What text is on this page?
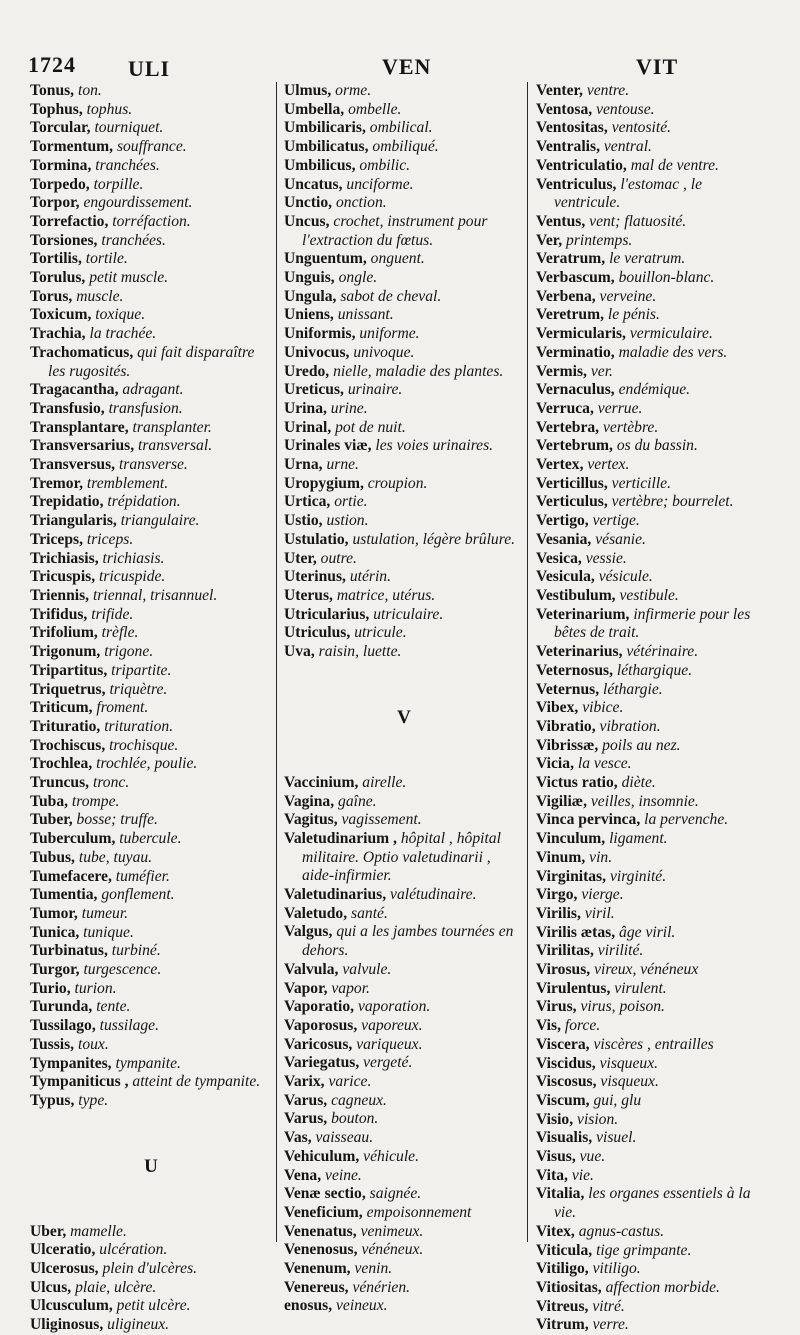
1724 ULI	VEN	VIT
Tonus, ton.
Tophus, tophus.
Torcular, tourniquet.
Tormentum, souffrance.
Tormina, tranchées.
Torpedo, torpille.
Torpor, engourdissement.
Torrefactio, torréfaction.
Torsiones, tranchées.
Tortilis, tortile.
Torulus, petit muscle.
Torus, muscle.
Toxicum, toxique.
Trachia, la trachée.
Trachomaticus, qui fait disparaître les rugosités.
Tragacantha, adragant.
Transfusio, transfusion.
Transplantare, transplanter.
Transversarius, transversal.
Transversus, transverse.
Tremor, tremblement.
Trepidatio, trépidation.
Triangularis, triangulaire.
Triceps, triceps.
Trichiasis, trichiasis.
Tricuspis, tricuspide.
Triennis, triennal, trisannuel.
Trifidus, trifide.
Trifolium, trèfle.
Trigonum, trigone.
Tripartitus, tripartite.
Triquetrus, triquètre.
Triticum, froment.
Trituratio, trituration.
Trochiscus, trochisque.
Trochlea, trochlée, poulie.
Truncus, tronc.
Tuba, trompe.
Tuber, bosse; truffe.
Tuberculum, tubercule.
Tubus, tube, tuyau.
Tumefacere, tuméfier.
Tumentia, gonflement.
Tumor, tumeur.
Tunica, tunique.
Turbinatus, turbiné.
Turgor, turgescence.
Turio, turion.
Turunda, tente.
Tussilago, tussilage.
Tussis, toux.
Tympanites, tympanite.
Tympaniticus , atteint de tympanite.
Typus, type.
U
Uber, mamelle.
Ulceratio, ulcération.
Ulcerosus, plein d'ulcères.
Ulcus, plaie, ulcère.
Ulcusculum, petit ulcère.
Uliginosus, uligineux.
Ulmus, orme.
Umbella, ombelle.
Umbilicaris, ombilical.
Umbilicatus, ombiliqué.
Umbilicus, ombilic.
Uncatus, unciforme.
Unctio, onction.
Uncus, crochet, instrument pour l'extraction du fœtus.
Unguentum, onguent.
Unguis, ongle.
Ungula, sabot de cheval.
Uniens, unissant.
Uniformis, uniforme.
Univocus, univoque.
Uredo, nielle, maladie des plantes.
Ureticus, urinaire.
Urina, urine.
Urinal, pot de nuit.
Urinales viæ, les voies urinaires.
Urna, urne.
Uropygium, croupion.
Urtica, ortie.
Ustio, ustion.
Ustulatio, ustulation, légère brûlure.
Uter, outre.
Uterinus, utérin.
Uterus, matrice, utérus.
Utricularius, utriculaire.
Utriculus, utricule.
Uva, raisin, luette.
V
Vaccinium, airelle.
Vagina, gaîne.
Vagitus, vagissement.
Valetudinarium , hôpital , hôpital militaire. Optio valetudinarii , aide-infirmier.
Valetudinarius, valétudinaire.
Valetudo, santé.
Valgus, qui a les jambes tournées en dehors.
Valvula, valvule.
Vapor, vapor.
Vaporatio, vaporation.
Vaporosus, vaporeux.
Varicosus, variqueux.
Variegatus, vergeté.
Varix, varice.
Varus, cagneux.
Varus, bouton.
Vas, vaisseau.
Vehiculum, véhicule.
Vena, veine.
Venæ sectio, saignée.
Veneficium, empoisonnement
Venenatus, venimeux.
Venenosus, vénéneux.
Venenum, venin.
Venereus, vénérien.
enosus, veineux.
Venter, ventre.
Ventosa, ventouse.
Ventositas, ventosité.
Ventralis, ventral.
Ventriculatio, mal de ventre.
Ventriculus, l'estomac , le ventricule.
Ventus, vent; flatuosité.
Ver, printemps.
Veratrum, le veratrum.
Verbascum, bouillon-blanc.
Verbena, verveine.
Veretrum, le pénis.
Vermicularis, vermiculaire.
Verminatio, maladie des vers.
Vermis, ver.
Vernaculus, endémique.
Verruca, verrue.
Vertebra, vertèbre.
Vertebrum, os du bassin.
Vertex, vertex.
Verticillus, verticille.
Verticulus, vertèbre; bourrelet.
Vertigo, vertige.
Vesania, vésanie.
Vesica, vessie.
Vesicula, vésicule.
Vestibulum, vestibule.
Veterinarium, infirmerie pour les bêtes de trait.
Veterinarius, vétérinaire.
Veternosus, léthargique.
Veternus, léthargie.
Vibex, vibice.
Vibratio, vibration.
Vibrissæ, poils au nez.
Vicia, la vesce.
Victus ratio, diète.
Vigiliæ, veilles, insomnie.
Vinca pervinca, la pervenche.
Vinculum, ligament.
Vinum, vin.
Virginitas, virginité.
Virgo, vierge.
Virilis, viril.
Virilis ætas, âge viril.
Virilitas, virilité.
Virosus, vireux, vénéneux
Virulentus, virulent.
Virus, virus, poison.
Vis, force.
Viscera, viscères , entrailles
Viscidus, visqueux.
Viscosus, visqueux.
Viscum, gui, glu
Visio, vision.
Visualis, visuel.
Visus, vue.
Vita, vie.
Vitalia, les organes essentiels à la vie.
Vitex, agnus-castus.
Viticula, tige grimpante.
Vitiligo, vitiligo.
Vitiositas, affection morbide.
Vitreus, vitré.
Vitrum, verre.
